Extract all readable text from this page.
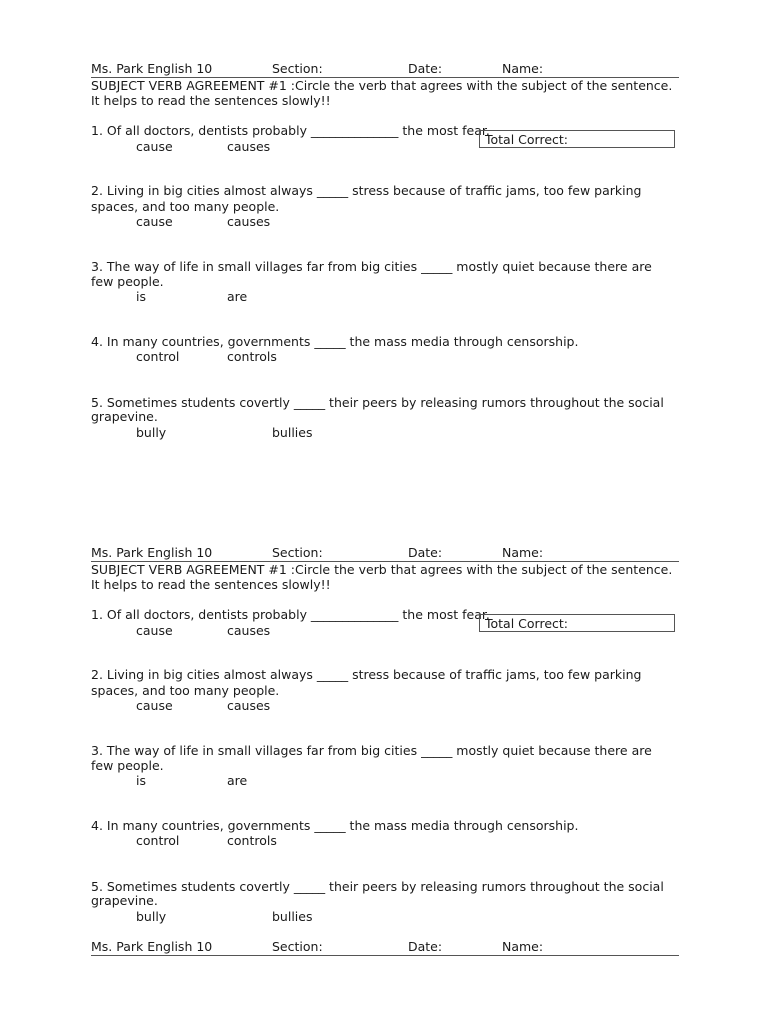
Ms. Park English 10	Section:	Date:	Name:
SUBJECT VERB AGREEMENT #1 :Circle the verb that agrees with the subject of the sentence.
It helps to read the sentences slowly!!
1. Of all doctors, dentists probably ______________ the most fear.
Total Correct:
cause	causes
2. Living in big cities almost always _____ stress because of traffic jams, too few parking
spaces, and too many people.
cause	causes
3. The way of life in small villages far from big cities _____ mostly quiet because there are
few people.
is	are
4. In many countries, governments _____ the mass media through censorship.
control	controls
5. Sometimes students covertly _____ their peers by releasing rumors throughout the social
grapevine.
bully	bullies
Ms. Park English 10	Section:	Date:	Name:
SUBJECT VERB AGREEMENT #1 :Circle the verb that agrees with the subject of the sentence.
It helps to read the sentences slowly!!
1. Of all doctors, dentists probably ______________ the most fear.
Total Correct:
cause	causes
2. Living in big cities almost always _____ stress because of traffic jams, too few parking
spaces, and too many people.
cause	causes
3. The way of life in small villages far from big cities _____ mostly quiet because there are
few people.
is	are
4. In many countries, governments _____ the mass media through censorship.
control	controls
5. Sometimes students covertly _____ their peers by releasing rumors throughout the social
grapevine.
bully	bullies
Ms. Park English 10	Section:	Date:	Name:
